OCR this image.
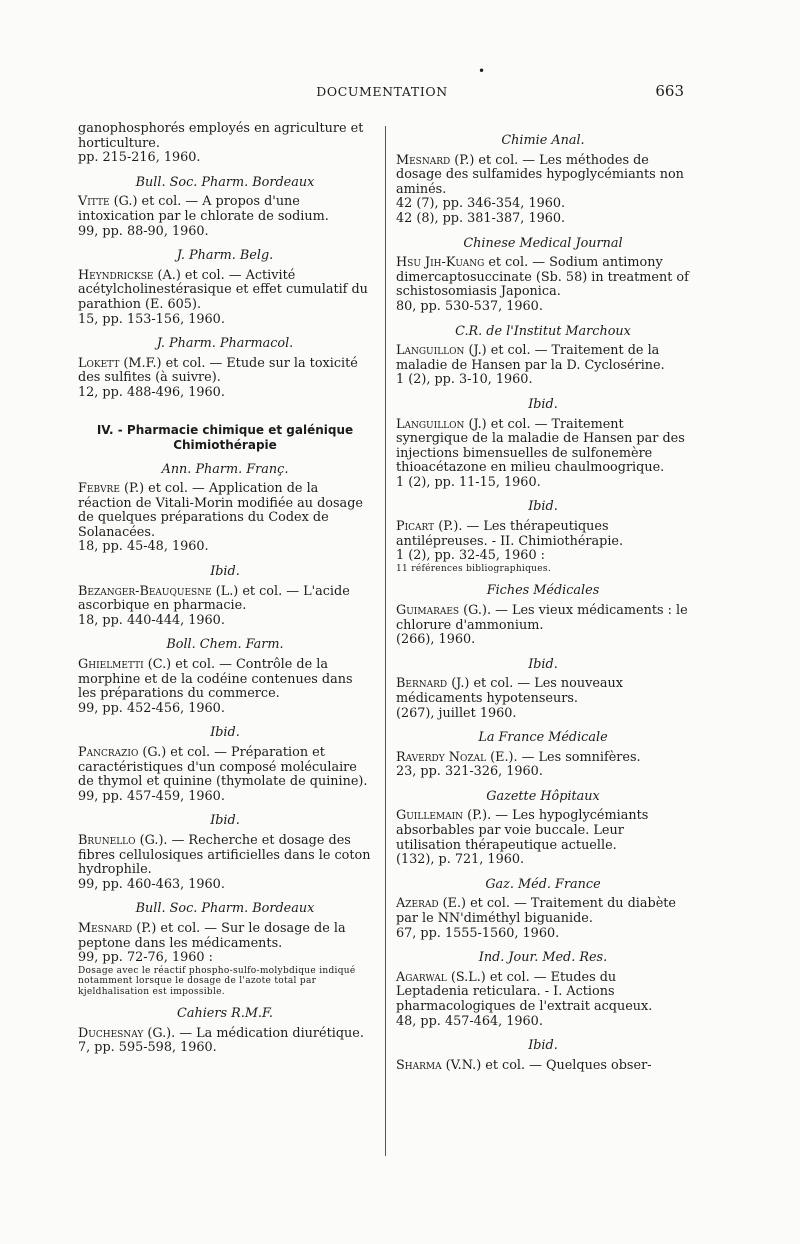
•
DOCUMENTATION	663

ganophosphorés employés en agriculture et horticulture.

pp. 215-216, 1960.

Bull. Soc. Pharm. Bordeaux

Vitte (G.) et col. — A propos d'une intoxication par le chlorate de sodium.

99, pp. 88-90, 1960.

J. Pharm. Belg.

Heyndrickse (A.) et col. — Activité acétylcholinestérasique et effet cumulatif du parathion (E. 605).

15, pp. 153-156, 1960.

J. Pharm. Pharmacol.

Lokett (M.F.) et col. — Etude sur la toxicité des sulfites (à suivre).

12, pp. 488-496, 1960.

IV. - Pharmacie chimique et galénique Chimiothérapie
Ann. Pharm. Franç.

Febvre (P.) et col. — Application de la réaction de Vitali-Morin modifiée au dosage de quelques préparations du Codex de Solanacées.

18, pp. 45-48, 1960.

Ibid.

Bezanger-Beauquesne (L.) et col. — L'acide ascorbique en pharmacie.

18, pp. 440-444, 1960.

Boll. Chem. Farm.

Ghielmetti (C.) et col. — Contrôle de la morphine et de la codéine contenues dans les préparations du commerce.

99, pp. 452-456, 1960.

Ibid.

Pancrazio (G.) et col. — Préparation et caractéristiques d'un composé moléculaire de thymol et quinine (thymolate de quinine).

99, pp. 457-459, 1960.

Ibid.

Brunello (G.). — Recherche et dosage des fibres cellulosiques artificielles dans le coton hydrophile.

99, pp. 460-463, 1960.

Bull. Soc. Pharm. Bordeaux

Mesnard (P.) et col. — Sur le dosage de la peptone dans les médicaments.

99, pp. 72-76, 1960 :

Dosage avec le réactif phospho-sulfo-molybdique indiqué notamment lorsque le dosage de l'azote total par kjeldhalisation est impossible.

Cahiers R.M.F.

Duchesnay (G.). — La médication diurétique.

7, pp. 595-598, 1960.

Chimie Anal.

Mesnard (P.) et col. — Les méthodes de dosage des sulfamides hypoglycémiants non aminés.

42 (7), pp. 346-354, 1960.

42 (8), pp. 381-387, 1960.

Chinese Medical Journal

Hsu Jih-Kuang et col. — Sodium antimony dimercaptosuccinate (Sb. 58) in treatment of schistosomiasis Japonica.

80, pp. 530-537, 1960.

C.R. de l'Institut Marchoux

Languillon (J.) et col. — Traitement de la maladie de Hansen par la D. Cyclosérine.

1 (2), pp. 3-10, 1960.

Ibid.

Languillon (J.) et col. — Traitement synergique de la maladie de Hansen par des injections bimensuelles de sulfonemère thioacétazone en milieu chaulmoogrique.

1 (2), pp. 11-15, 1960.

Ibid.

Picart (P.). — Les thérapeutiques antilépreuses. - II. Chimiothérapie.

1 (2), pp. 32-45, 1960 :

11 références bibliographiques.

Fiches Médicales

Guimaraes (G.). — Les vieux médicaments : le chlorure d'ammonium.

(266), 1960.

Ibid.

Bernard (J.) et col. — Les nouveaux médicaments hypotenseurs.

(267), juillet 1960.

La France Médicale

Raverdy Nozal (E.). — Les somnifères.

23, pp. 321-326, 1960.

Gazette Hôpitaux

Guillemain (P.). — Les hypoglycémiants absorbables par voie buccale. Leur utilisation thérapeutique actuelle.

(132), p. 721, 1960.

Gaz. Méd. France

Azerad (E.) et col. — Traitement du diabète par le NN'diméthyl biguanide.

67, pp. 1555-1560, 1960.

Ind. Jour. Med. Res.

Agarwal (S.L.) et col. — Etudes du Leptadenia reticulara. - I. Actions pharmacologiques de l'extrait acqueux.

48, pp. 457-464, 1960.

Ibid.

Sharma (V.N.) et col. — Quelques obser-
